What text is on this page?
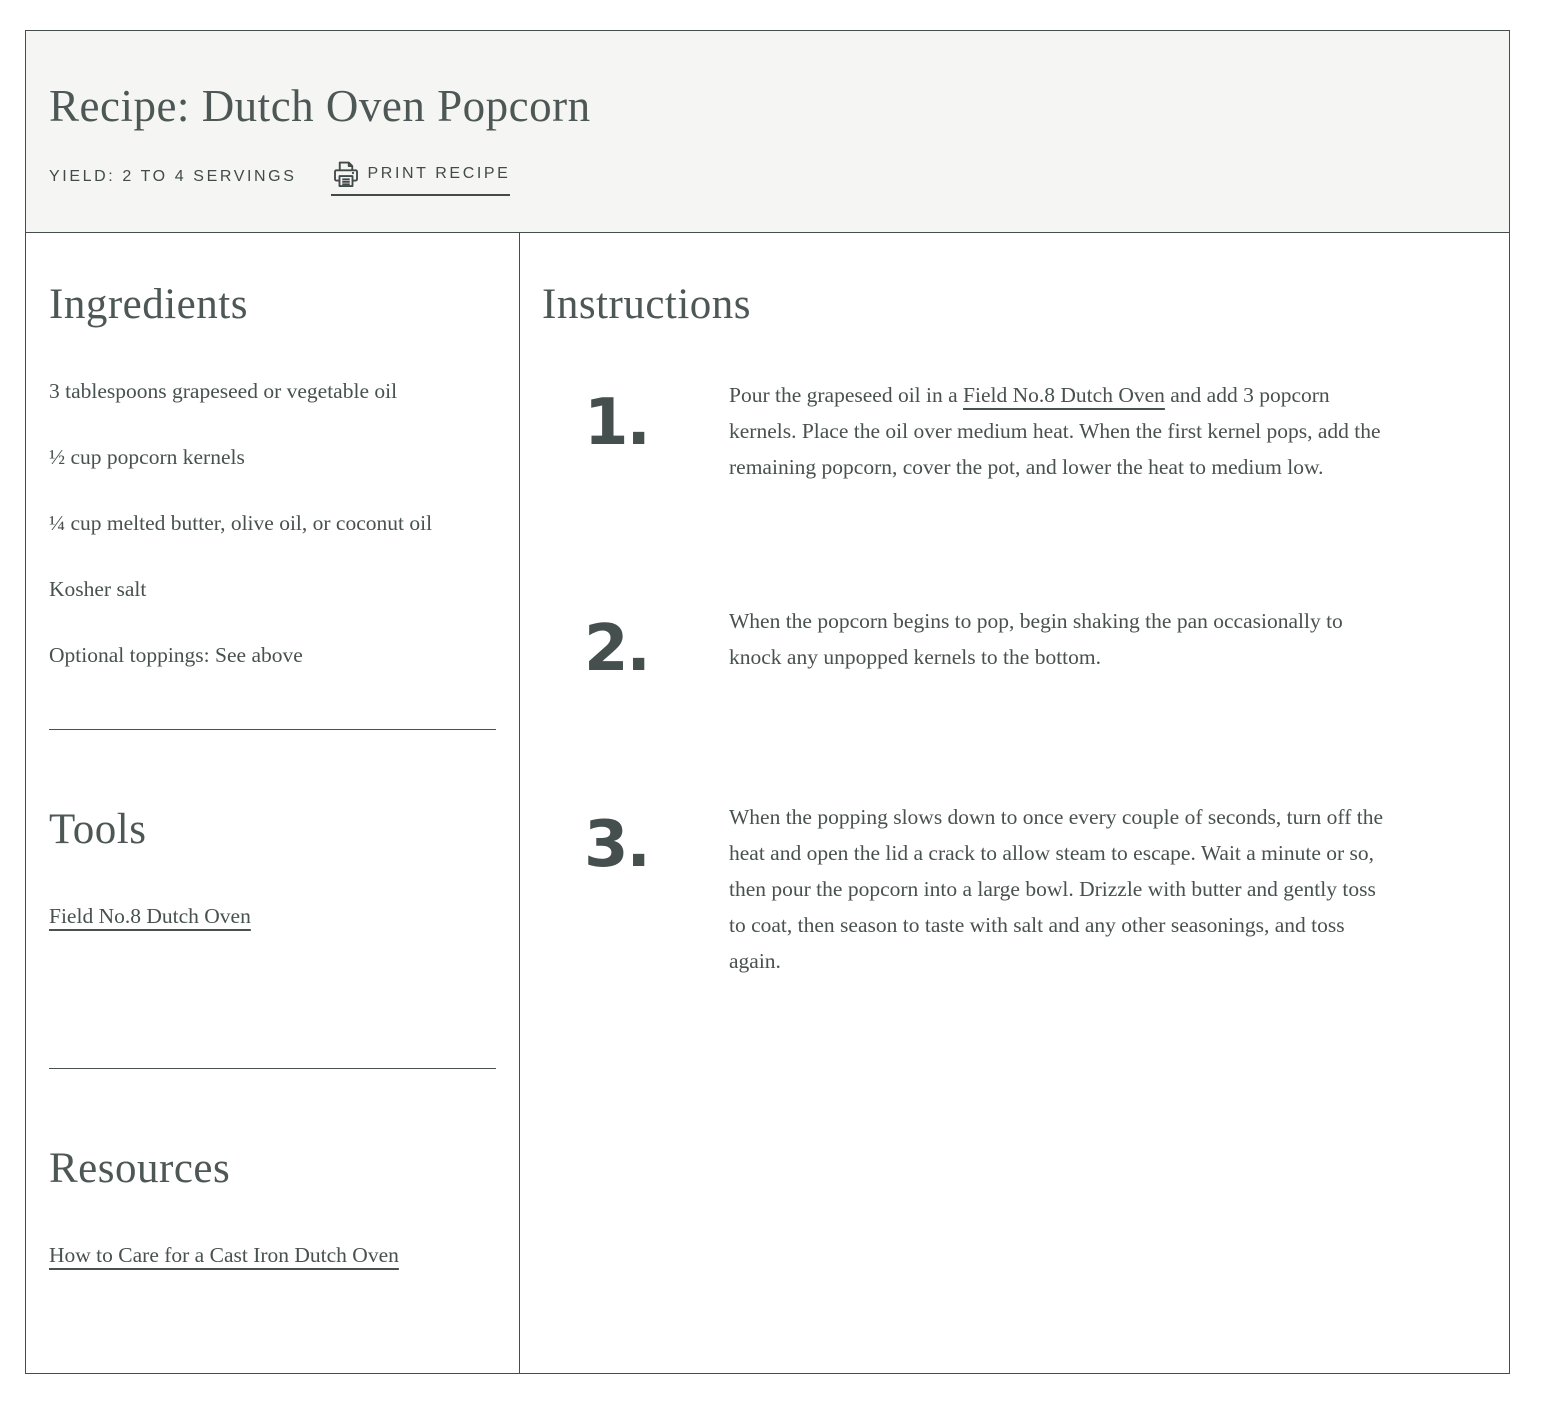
Recipe: Dutch Oven Popcorn
YIELD: 2 TO 4 SERVINGS	PRINT RECIPE
Ingredients

3 tablespoons grapeseed or vegetable oil

½ cup popcorn kernels

¼ cup melted butter, olive oil, or coconut oil

Kosher salt

Optional toppings: See above

Tools

Field No.8 Dutch Oven

Resources

How to Care for a Cast Iron Dutch Oven

Instructions
1.	Pour the grapeseed oil in a Field No.8 Dutch Oven and add 3 popcorn kernels. Place the oil over medium heat. When the first kernel pops, add the remaining popcorn, cover the pot, and lower the heat to medium low.
2.	When the popcorn begins to pop, begin shaking the pan occasionally to knock any unpopped kernels to the bottom.
3.	When the popping slows down to once every couple of seconds, turn off the heat and open the lid a crack to allow steam to escape. Wait a minute or so, then pour the popcorn into a large bowl. Drizzle with butter and gently toss to coat, then season to taste with salt and any other seasonings, and toss again.
